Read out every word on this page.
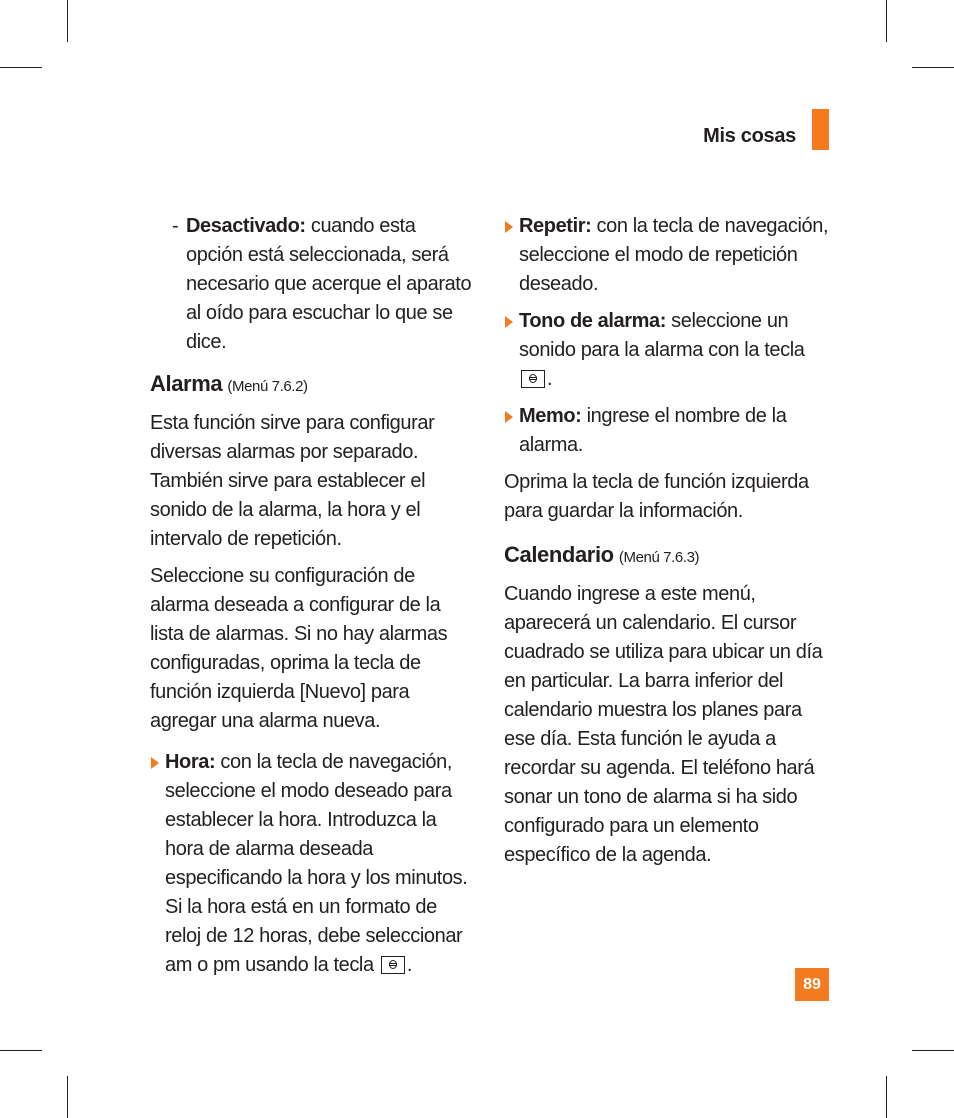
Mis cosas
- Desactivado: cuando esta opción está seleccionada, será necesario que acerque el aparato al oído para escuchar lo que se dice.
Alarma (Menú 7.6.2)

Esta función sirve para configurar diversas alarmas por separado. También sirve para establecer el sonido de la alarma, la hora y el intervalo de repetición.

Seleccione su configuración de alarma deseada a configurar de la lista de alarmas. Si no hay alarmas configuradas, oprima la tecla de función izquierda [Nuevo] para agregar una alarma nueva.

Hora: con la tecla de navegación, seleccione el modo deseado para establecer la hora. Introduzca la hora de alarma deseada especificando la hora y los minutos. Si la hora está en un formato de reloj de 12 horas, debe seleccionar am o pm usando la tecla
.
Repetir: con la tecla de navegación, seleccione el modo de repetición deseado.
Tono de alarma: seleccione un sonido para la alarma con la tecla
.
Memo: ingrese el nombre de la alarma.

Oprima la tecla de función izquierda para guardar la información.

Calendario (Menú 7.6.3)

Cuando ingrese a este menú, aparecerá un calendario. El cursor cuadrado se utiliza para ubicar un día en particular. La barra inferior del calendario muestra los planes para ese día. Esta función le ayuda a recordar su agenda. El teléfono hará sonar un tono de alarma si ha sido configurado para un elemento específico de la agenda.

89
